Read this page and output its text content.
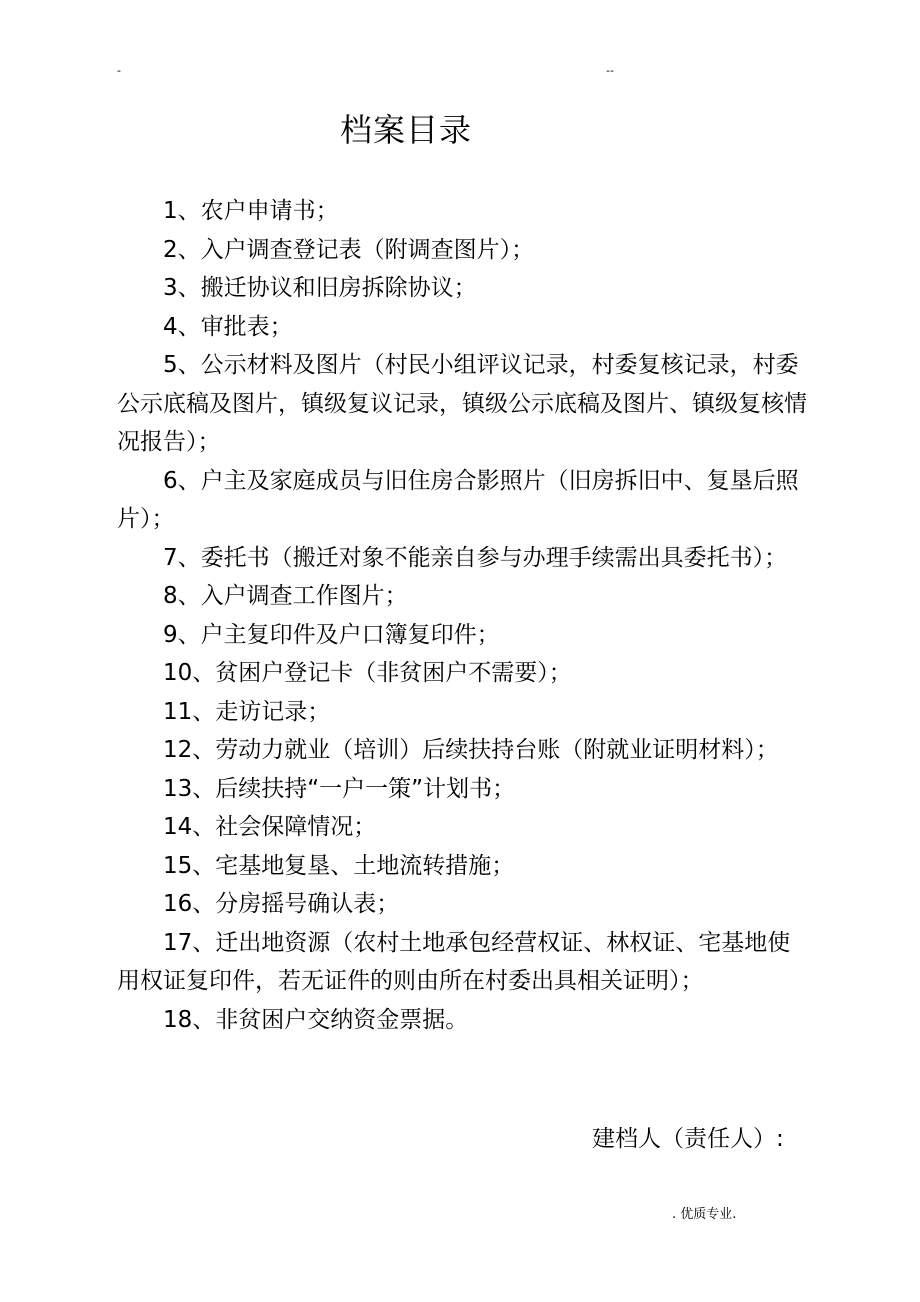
-	--
档案目录
1、农户申请书；
2、入户调查登记表（附调查图片）；
3、搬迁协议和旧房拆除协议；
4、审批表；
5、公示材料及图片（村民小组评议记录，村委复核记录，村委公示底稿及图片，镇级复议记录，镇级公示底稿及图片、镇级复核情况报告）；
6、户主及家庭成员与旧住房合影照片（旧房拆旧中、复垦后照片）；
7、委托书（搬迁对象不能亲自参与办理手续需出具委托书）；
8、入户调查工作图片；
9、户主复印件及户口簿复印件；
10、贫困户登记卡（非贫困户不需要）；
11、走访记录；
12、劳动力就业（培训）后续扶持台账（附就业证明材料）；
13、后续扶持“一户一策”计划书；
14、社会保障情况；
15、宅基地复垦、土地流转措施；
16、分房摇号确认表；
17、迁出地资源（农村土地承包经营权证、林权证、宅基地使用权证复印件，若无证件的则由所在村委出具相关证明）；
18、非贫困户交纳资金票据。
建档人（责任人）:
. 优质专业.
